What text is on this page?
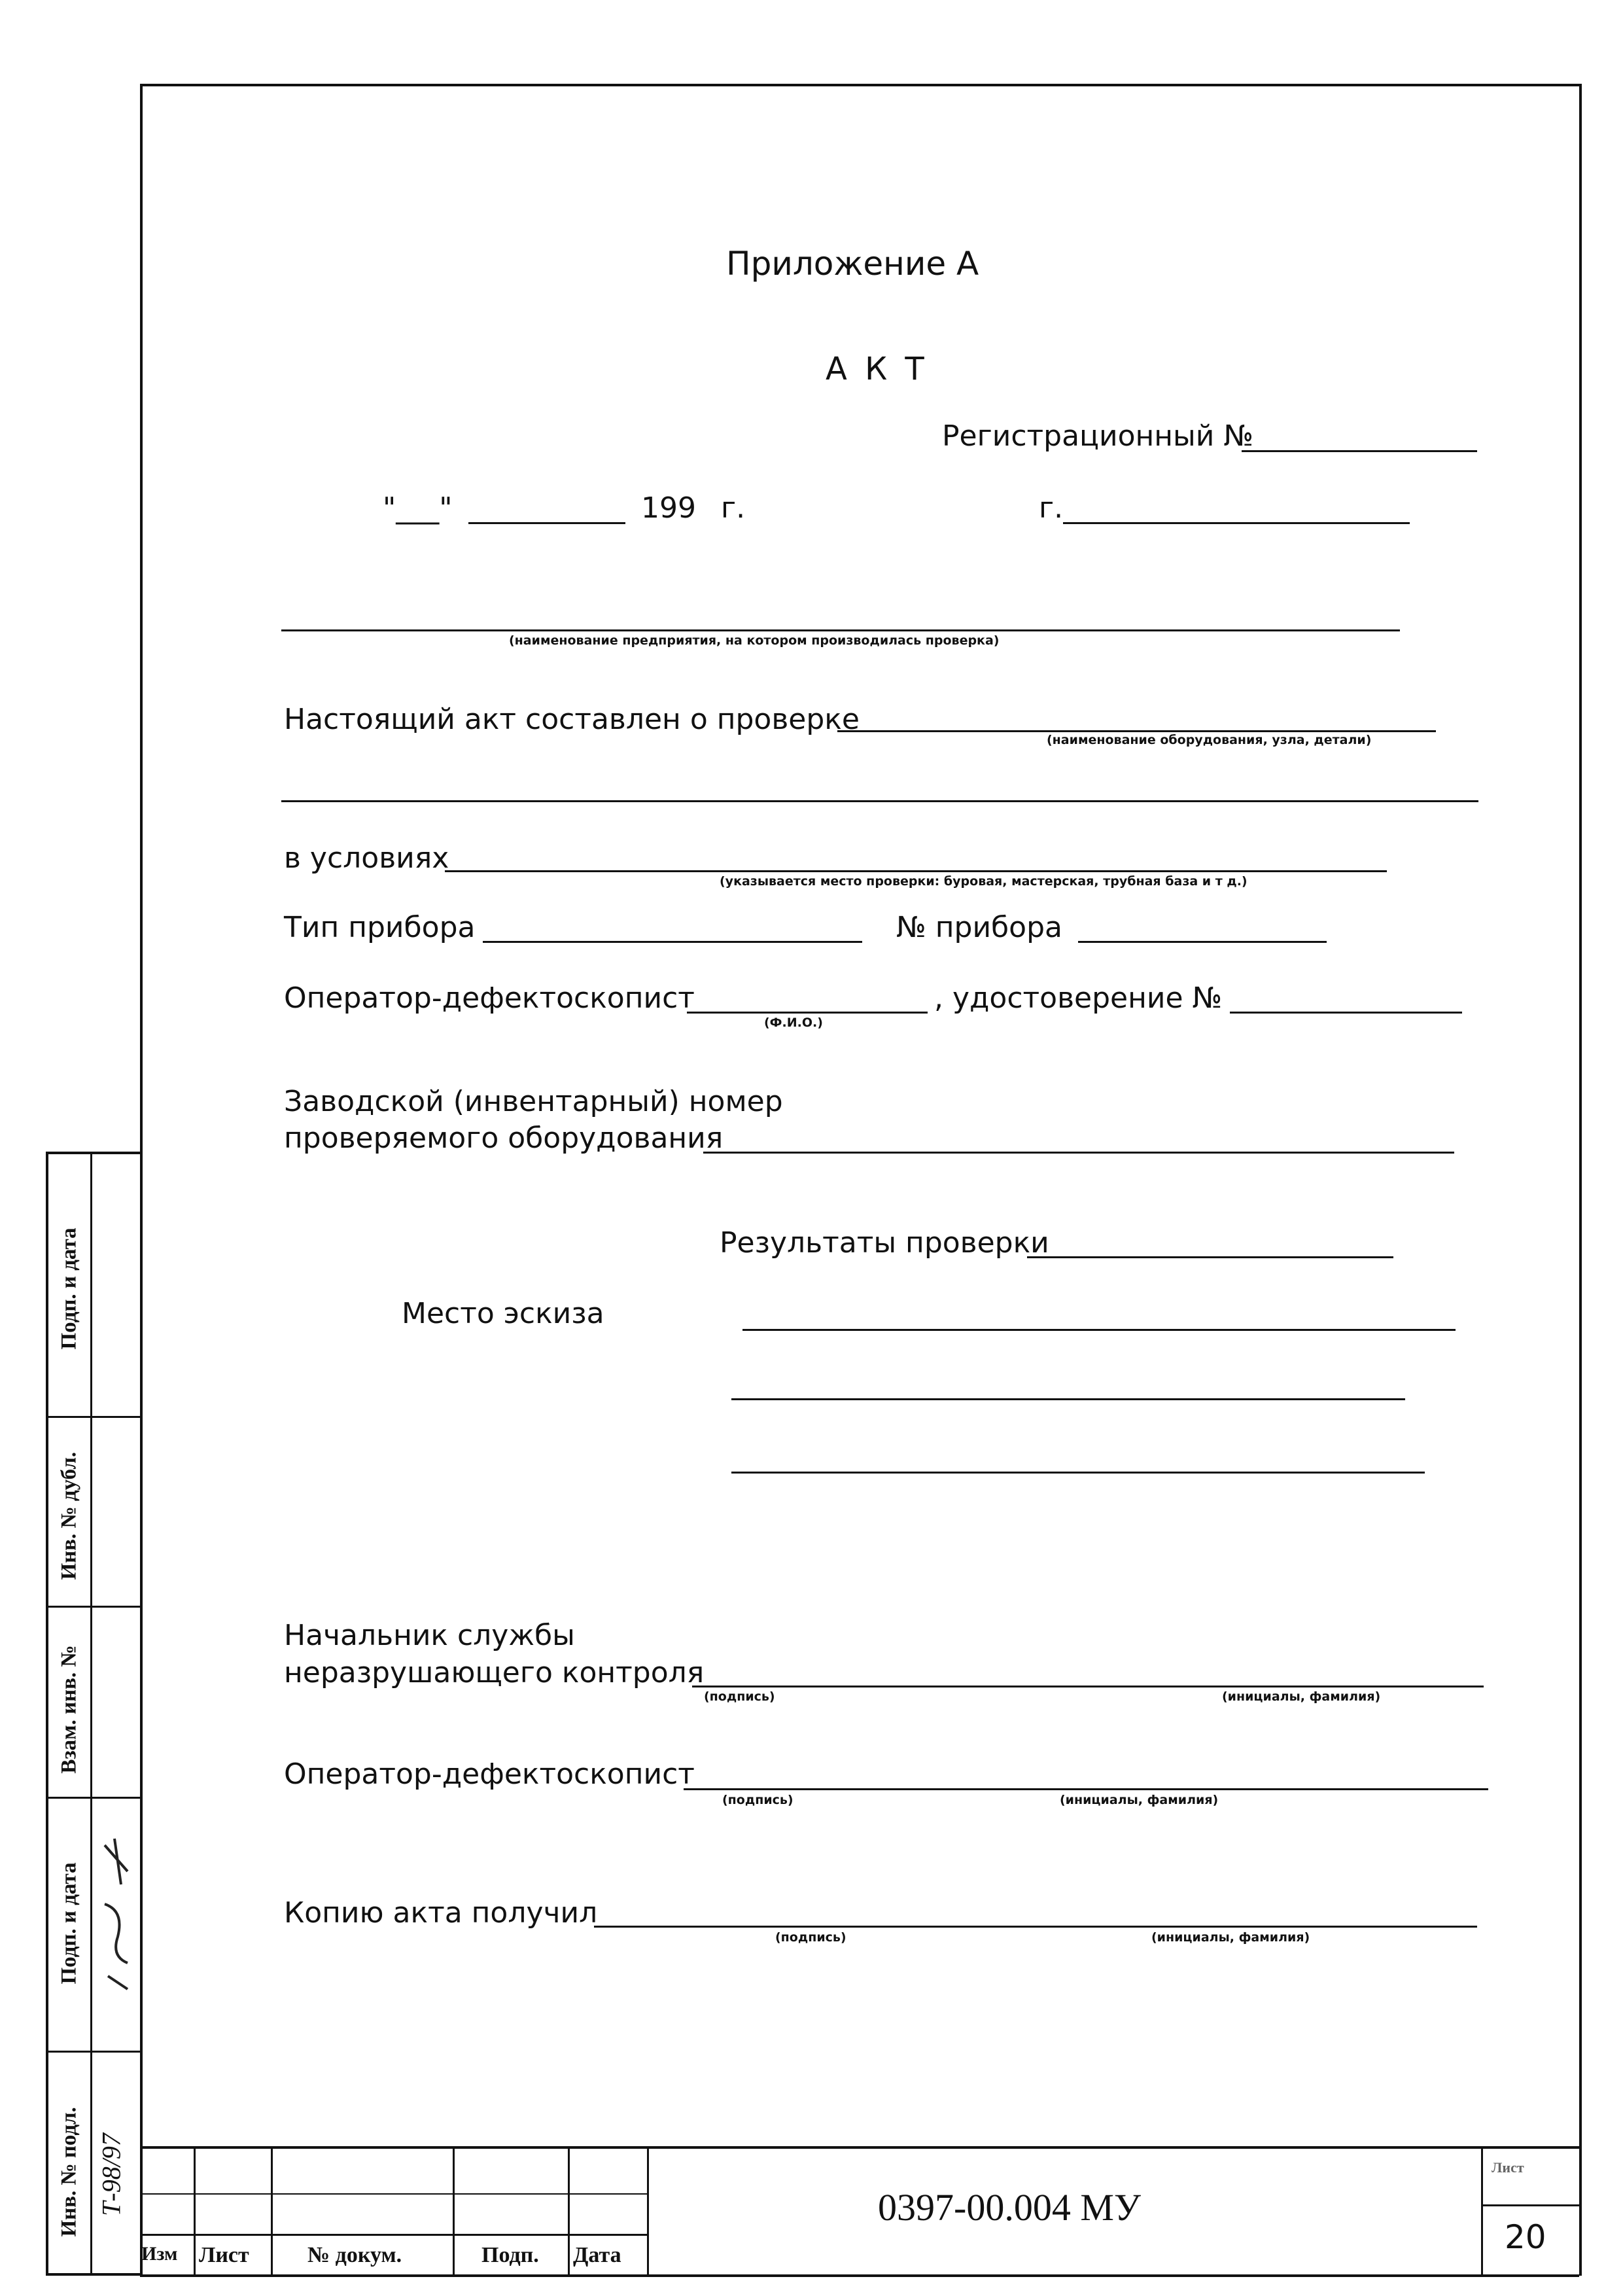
Приложение А
А К Т
Регистрационный №
"___"	199 г.	г.
(наименование предприятия, на котором производилась проверка)
Настоящий акт составлен о проверке
(наименование оборудования, узла, детали)
в условиях
(указывается место проверки: буровая, мастерская, трубная база и т д.)
Тип прибора	№ прибора
Оператор-дефектоскопист
(Ф.И.О.)
, удостоверение №
Заводской (инвентарный) номер
проверяемого оборудования
Результаты проверки
Место эскиза
Начальник службы
неразрушающего контроля
(подпись)	(инициалы, фамилия)
Оператор-дефектоскопист
(подпись)	(инициалы, фамилия)
Копию акта получил
(подпись)	(инициалы, фамилия)
Подп. и дата
Инв. № дубл.
Взам. инв. №
Подп. и дата
Инв. № подл. Т-98/97
Изм Лист	№ докум.	Подп. Дата
0397-00.004 МУ
Лист
20
